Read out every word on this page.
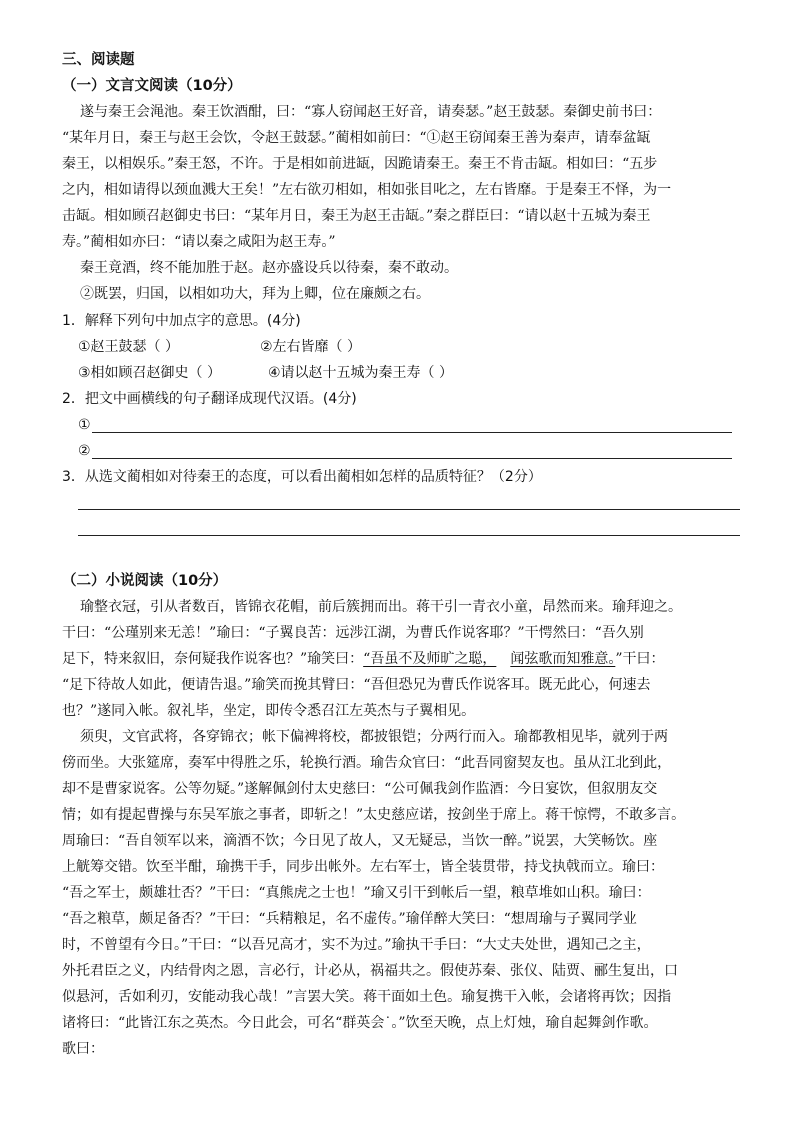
三、阅读题
（一）文言文阅读（10分）
遂与秦王会渑池。秦王饮酒酣，曰：“寡人窃闻赵王好音，请奏瑟。”赵王鼓瑟。秦御史前书曰：
“某年月日，秦王与赵王会饮，令赵王鼓瑟。”蔺相如前曰：“①赵王窃闻秦王善为秦声，请奉盆缻
秦王，以相娱乐。”秦王怒，不许。于是相如前进缻，因跪请秦王。秦王不肯击缻。相如曰：“五步
之内，相如请得以颈血溅大王矣！”左右欲刃相如，相如张目叱之，左右皆靡。于是秦王不怿，为一
击缻。相如顾召赵御史书曰：“某年月日，秦王为赵王击缻。”秦之群臣曰：“请以赵十五城为秦王
寿。”蔺相如亦曰：“请以秦之咸阳为赵王寿。”
秦王竟酒，终不能加胜于赵。赵亦盛设兵以待秦，秦不敢动。
②既罢，归国，以相如功大，拜为上卿，位在廉颇之右。
1．解释下列句中加点字的意思。(4分)
①赵王鼓瑟（ ）	②左右皆靡（ ）
③相如顾召赵御史（ ）	④请以赵十五城为秦王寿（ ）
2．把文中画横线的句子翻译成现代汉语。(4分)
①
②
3．从选文蔺相如对待秦王的态度，可以看出蔺相如怎样的品质特征？（2分）
（二）小说阅读（10分）
瑜整衣冠，引从者数百，皆锦衣花帽，前后簇拥而出。蒋干引一青衣小童，昂然而来。瑜拜迎之。
干曰：“公瑾别来无恙！”瑜曰：“子翼良苦：远涉江湖，为曹氏作说客耶？”干愕然曰：“吾久别
足下，特来叙旧，奈何疑我作说客也？”瑜笑曰：“吾虽不及师旷之聪， 闻弦歌而知雅意。”干曰：
“足下待故人如此，便请告退。”瑜笑而挽其臂曰：“吾但恐兄为曹氏作说客耳。既无此心，何速去
也？”遂同入帐。叙礼毕，坐定，即传令悉召江左英杰与子翼相见。
须臾，文官武将，各穿锦衣；帐下偏裨将校，都披银铠；分两行而入。瑜都教相见毕，就列于两
傍而坐。大张筵席，奏军中得胜之乐，轮换行酒。瑜告众官曰：“此吾同窗契友也。虽从江北到此，
却不是曹家说客。公等勿疑。”遂解佩剑付太史慈曰：“公可佩我剑作监酒：今日宴饮，但叙朋友交
情；如有提起曹操与东吴军旅之事者，即斩之！”太史慈应诺，按剑坐于席上。蒋干惊愕，不敢多言。
周瑜曰：“吾自领军以来，滴酒不饮；今日见了故人，又无疑忌，当饮一醉。”说罢，大笑畅饮。座
上觥筹交错。饮至半酣，瑜携干手，同步出帐外。左右军士，皆全装贯带，持戈执戟而立。瑜曰：
“吾之军士，颇雄壮否？”干曰：“真熊虎之士也！”瑜又引干到帐后一望，粮草堆如山积。瑜曰：
“吾之粮草，颇足备否？”干曰：“兵精粮足，名不虚传。”瑜佯醉大笑曰：“想周瑜与子翼同学业
时，不曾望有今日。”干曰：“以吾兄高才，实不为过。”瑜执干手曰：“大丈夫处世，遇知己之主，
外托君臣之义，内结骨肉之恩，言必行，计必从，祸福共之。假使苏秦、张仪、陆贾、郦生复出，口
似悬河，舌如利刃，安能动我心哉！”言罢大笑。蒋干面如土色。瑜复携干入帐，会诸将再饮；因指
诸将曰：“此皆江东之英杰。今日此会，可名“群英会˙。”饮至天晚，点上灯烛，瑜自起舞剑作歌。
歌曰：
